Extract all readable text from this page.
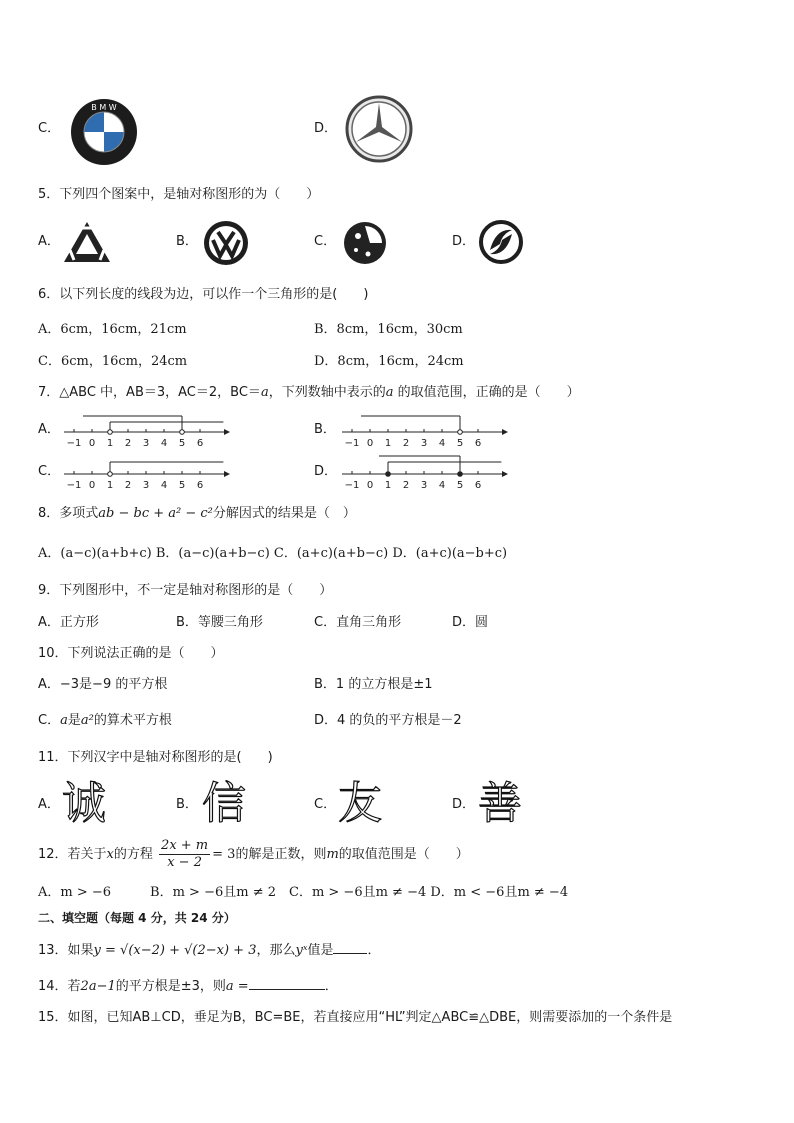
C．
B M W
D．
5．下列四个图案中，是轴对称图形的为（　　）
A．	B．	C．	D．
6．以下列长度的线段为边，可以作一个三角形的是(　　)
A．6cm，16cm，21cm	B．8cm，16cm，30cm
C．6cm，16cm，24cm	D．8cm，16cm，24cm
7．△ABC 中，AB＝3，AC＝2，BC＝a，下列数轴中表示的a 的取值范围，正确的是（　　）
A．
−1 0 1 2 3 4 5 6
B．
−1 0 1 2 3 4 5 6
C．
−1 0 1 2 3 4 5 6
D．
−1 0 1 2 3 4 5 6
8．多项式ab − bc + a² − c²分解因式的结果是（　）
A．(a−c)(a+b+c) B．(a−c)(a+b−c) C．(a+c)(a+b−c) D．(a+c)(a−b+c)
9．下列图形中，不一定是轴对称图形的是（　　）
A．正方形	B．等腰三角形	C．直角三角形	D．圆
10．下列说法正确的是（　　）
A．−3是−9 的平方根	B．1 的立方根是±1
C．a是a²的算术平方根	D．4 的负的平方根是－2
11．下列汉字中是轴对称图形的是(　　)
A． 诚	B． 信	C． 友	D． 善
12．若关于x的方程 $\frac{2x + m}{x - 2} = 3$的解是正数，则m的取值范围是（　　）
A．m > −6　　　B．m > −6且m ≠ 2　C．m > −6且m ≠ −4 D．m < −6且m ≠ −4
二、填空题（每题 4 分，共 24 分）
13．如果y = √(x−2) + √(2−x) + 3，那么yˣ值是	．
14．若2a−1的平方根是±3，则a =	．
15．如图，已知AB⊥CD，垂足为B，BC=BE，若直接应用“HL”判定△ABC≌△DBE，则需要添加的一个条件是
